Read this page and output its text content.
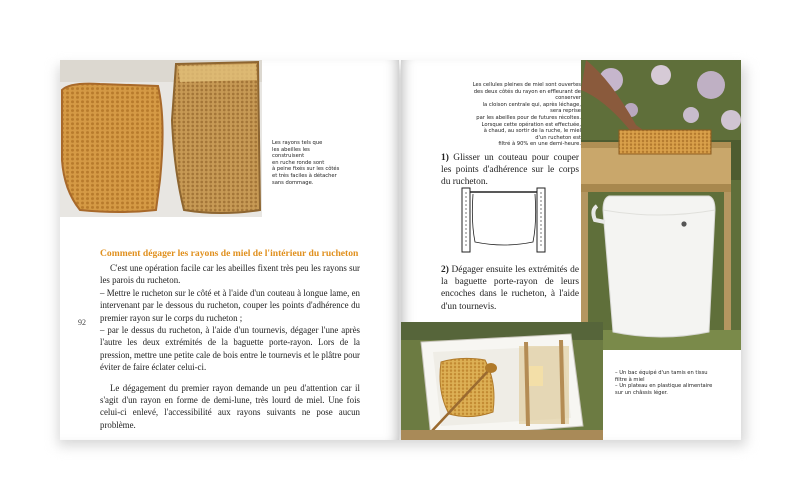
Les rayons tels que
les abeilles les construisent
en ruche ronde sont
à peine fixés sur les côtés
et très faciles à détacher
sans dommage.
Comment dégager les rayons de miel de l'intérieur du rucheton

C'est une opération facile car les abeilles fixent très peu les rayons sur les parois du rucheton.

– Mettre le rucheton sur le côté et à l'aide d'un couteau à longue lame, en intervenant par le dessous du rucheton, couper les points d'adhérence du premier rayon sur le corps du rucheton ;

– par le dessus du rucheton, à l'aide d'un tournevis, dégager l'une après l'autre les deux extrémités de la baguette porte-rayon. Lors de la pression, mettre une petite cale de bois entre le tournevis et le plâtre pour éviter de faire éclater celui-ci.

Le dégagement du premier rayon demande un peu d'attention car il s'agit d'un rayon en forme de demi-lune, très lourd de miel. Une fois celui-ci enlevé, l'accessibilité aux rayons suivants ne pose aucun problème.

92
Les cellules pleines de miel sont ouvertes
des deux côtés du rayon en effleurant de conserver
la cloison centrale qui, après léchage, sera reprise
par les abeilles pour de futures récoltes.
Lorsque cette opération est effectuée,
à chaud, au sortir de la ruche, le miel d'un rucheton est
filtré à 90% en une demi-heure.

1) Glisser un couteau pour couper les points d'adhérence sur le corps du rucheton.

2) Dégager ensuite les extrémités de la baguette porte-rayon de leurs encoches dans le rucheton, à l'aide d'un tournevis.

– Un bac équipé d'un tamis en tissu
filtre à miel
– Un plateau en plastique alimentaire
sur un châssis léger.
